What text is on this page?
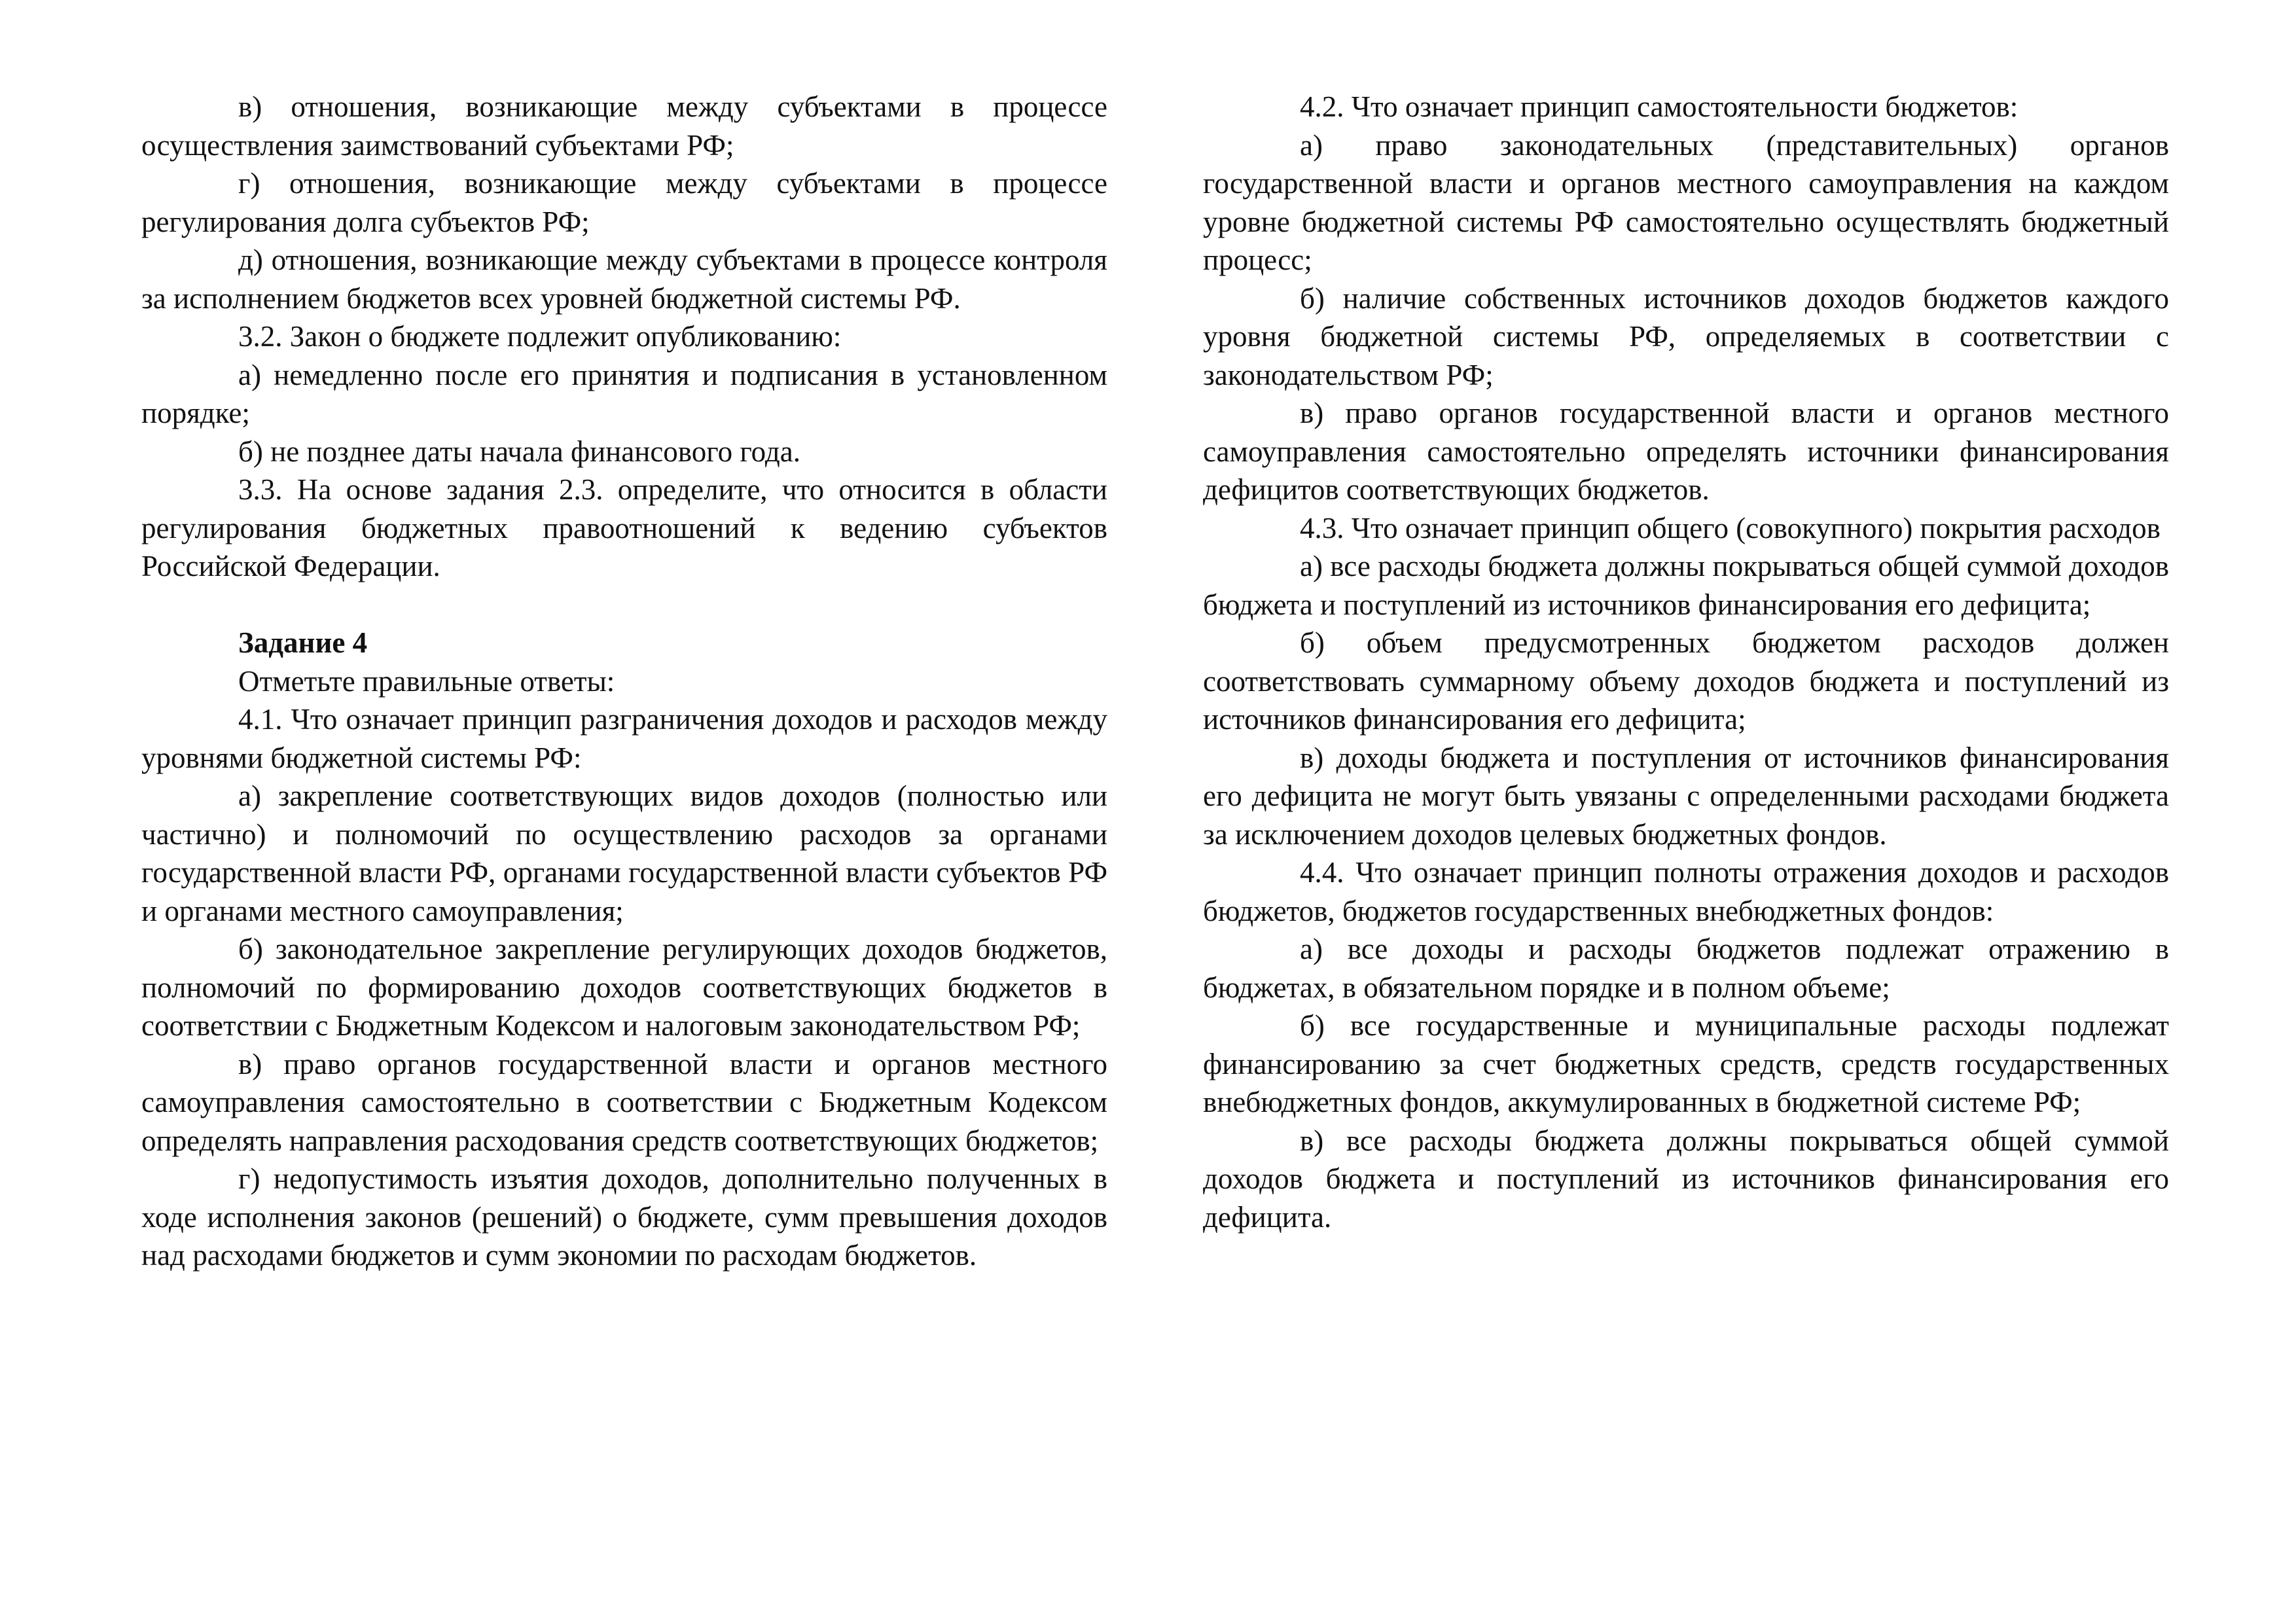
в) отношения, возникающие между субъектами в процессе осуществления заимствований субъектами РФ;

г) отношения, возникающие между субъектами в процессе регулирования долга субъектов РФ;

д) отношения, возникающие между субъектами в процессе контроля за исполнением бюджетов всех уровней бюджетной системы РФ.

3.2. Закон о бюджете подлежит опубликованию:

а) немедленно после его принятия и подписания в установленном порядке;

б) не позднее даты начала финансового года.

3.3. На основе задания 2.3. определите, что относится в области регулирования бюджетных правоотношений к ведению субъектов Российской Федерации.

Задание 4

Отметьте правильные ответы:

4.1. Что означает принцип разграничения доходов и расходов между уровнями бюджетной системы РФ:

а) закрепление соответствующих видов доходов (полностью или частично) и полномочий по осуществлению расходов за органами государственной власти РФ, органами государственной власти субъектов РФ и органами местного самоуправления;

б) законодательное закрепление регулирующих доходов бюджетов, полномочий по формированию доходов соответствующих бюджетов в соответствии с Бюджетным Кодексом и налоговым законодательством РФ;

в) право органов государственной власти и органов местного самоуправления самостоятельно в соответствии с Бюджетным Кодексом определять направления расходования средств соответствующих бюджетов;

г) недопустимость изъятия доходов, дополнительно полученных в ходе исполнения законов (решений) о бюджете, сумм превышения доходов над расходами бюджетов и сумм экономии по расходам бюджетов.

4.2. Что означает принцип самостоятельности бюджетов:

а) право законодательных (представительных) органов государственной власти и органов местного самоуправления на каждом уровне бюджетной системы РФ самостоятельно осуществлять бюджетный процесс;

б) наличие собственных источников доходов бюджетов каждого уровня бюджетной системы РФ, определяемых в соответствии с законодательством РФ;

в) право органов государственной власти и органов местного самоуправления самостоятельно определять источники финансирования дефицитов соответствующих бюджетов.

4.3. Что означает принцип общего (совокупного) покрытия расходов

а) все расходы бюджета должны покрываться общей суммой доходов бюджета и поступлений из источников финансирования его дефицита;

б) объем предусмотренных бюджетом расходов должен соответствовать суммарному объему доходов бюджета и поступлений из источников финансирования его дефицита;

в) доходы бюджета и поступления от источников финансирования его дефицита не могут быть увязаны с определенными расходами бюджета за исключением доходов целевых бюджетных фондов.

4.4. Что означает принцип полноты отражения доходов и расходов бюджетов, бюджетов государственных внебюджетных фондов:

а) все доходы и расходы бюджетов подлежат отражению в бюджетах, в обязательном порядке и в полном объеме;

б) все государственные и муниципальные расходы подлежат финансированию за счет бюджетных средств, средств государственных внебюджетных фондов, аккумулированных в бюджетной системе РФ;

в) все расходы бюджета должны покрываться общей суммой доходов бюджета и поступлений из источников финансирования его дефицита.
